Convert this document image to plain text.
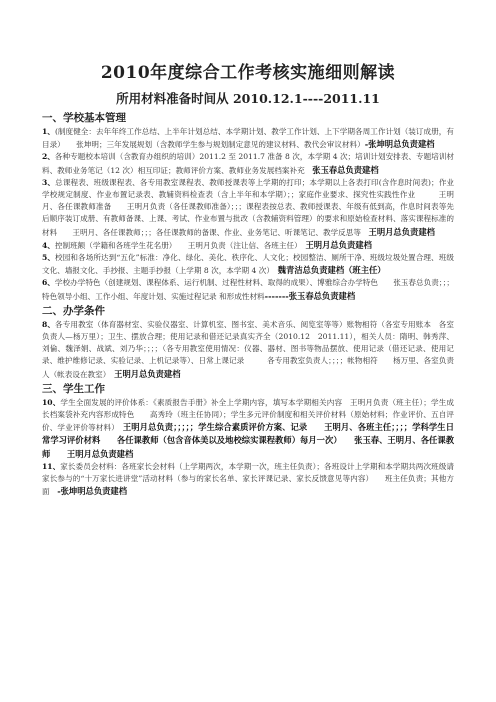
2010年度综合工作考核实施细则解读
所用材料准备时间从 2010.12.1----2011.11
一、学校基本管理

1、(制度健全：去年年终工作总结、上半年计划总结、本学期计划、教学工作计划、上下学期各周工作计划（装订成册，有目录）　　张坤明；三年发展规划（含教师学生参与规划制定意见的建议材料、教代会审议材料）-张坤明总负责建档

2、各种专题校本培训（含教育办组织的培训）2011.2 至 2011.7 准备 8 次，本学期 4 次；培训计划安排表、专题培训材料、教师业务笔记（12 次）相互印证；教师评价方案、教师业务发展档案补充　 张玉春总负责建档

3、总课程表、班级课程表、各专用教室课程表、教师授课表等上学期的打印；本学期以上各表打印(含作息时间表)；作业学校规定制度、作业布置记录表、教辅资料检查表（含上半年和本学期）；；家庭作业要求、探究性实践性作业　　　王明月、各任课教师准备　　王明月负责（各任课教师准备）；；；课程表按总表、教师授课表、年级有低到高，作息时间表等先后顺序装订成册、有教师备课、上课、考试、作业布置与批改（含教辅资料管理）的要求和原始检查材料、落实课程标准的材料　　王明月、各任课教师；；；各任课教师的备课、作业、业务笔记、听课笔记、教学反思等　 王明月总负责建档

4、控制班额（学籍和各班学生花名册）　　王明月负责（注让信、各班主任）　 王明月总负责建档

5、校园和各场所达到“五化”标准：净化、绿化、美化、秩序化、人文化；校园整洁、厕所干净、班级垃圾处置合理、班级文化、墙报文化、手抄报、主题手抄报（上学期 8 次，本学期 4 次）　 魏青洁总负责建档（班主任）

6、学校办学特色（创建规划、课程体系、运行机制、过程性材料、取得的成果）、博雅综合办学特色　　张玉春总负责；；；特色领导小组、工作小组、年度计划、实施过程记录 和形成性材料-------张玉春总负责建档

二、办学条件

8、各专用教室（体育器材室、实验仪器室、计算机室、图书室、美术音乐、阅览室等等）账物相符（各室专用账本　各室负责人—杨万里）；卫生、摆放合理；使用记录和借还记录真实齐全（2010.12　2011.11），相关人员：隋明、韩秀萍、刘倫、魏泽娟、战斌、刘乃华；；；；（各专用教室使用情况：仪器、器材、图书等物品摆放、使用记录（借还记录、使用记录、维护维修记录、实验记录、上机记录等）、日常上课记录　　　各专用教室负责人；；；；帐物相符　　杨万里、各室负责人（帐表设在教室）　 王明月总负责建档

三、学生工作

10、学生全面发展的评价体系：《素质报告手册》补全上学期内容，填写本学期相关内容　王明月负责（班主任）；学生成长档案袋补充内容形成特色　　高秀玲（班主任协同）；学生多元评价制度和相关评价材料（原始材料；作业评价、五自评价、学业评价等材料）　 王明月总负责；；；；；学生综合素质评价方案、记录　　王明月、各班主任；；；；学科学生日常学习评价材料　　各任课教师（包含音体美以及地校综实课程教师）每月一次）　　张玉春、王明月、各任课教师　　王明月总负责建档

11、家长委员会材料：各班家长会材料（上学期两次，本学期一次，班主任负责）；各班设计上学期和本学期共两次班级请家长参与的“十万家长进讲堂”活动材料（参与的家长名单、家长评课记录、家长反馈意见等内容）　　班主任负责；其他方面　 -张坤明总负责建档
